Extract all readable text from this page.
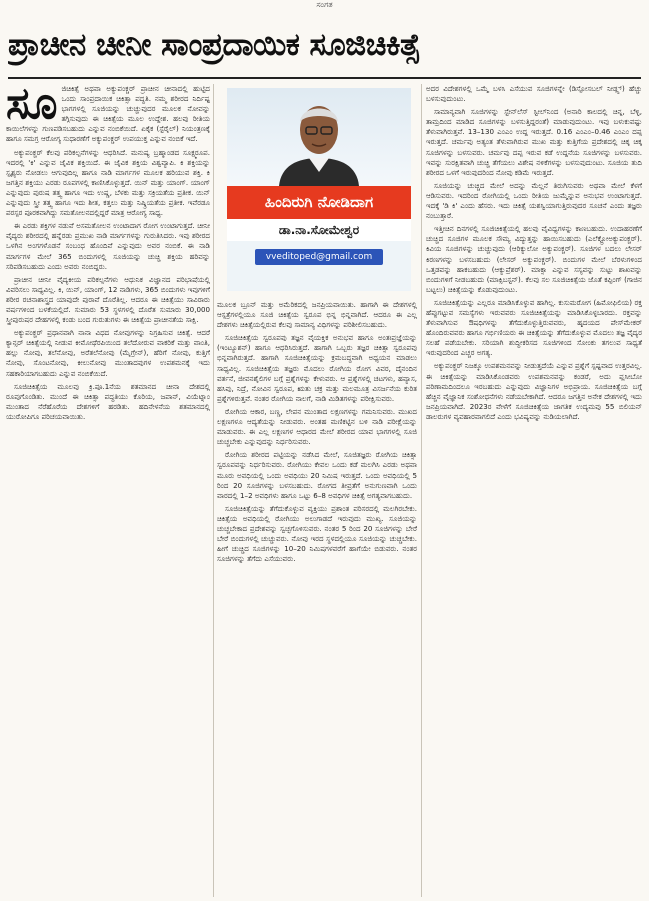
ಸಂಗತ
ಪ್ರಾಚೀನ ಚೀನೀ ಸಾಂಪ್ರದಾಯಿಕ ಸೂಜಿಚಿಕಿತ್ಸೆ

ಸೂಜಿಚಿಕಿತ್ಸೆ ಅಥವಾ ಅಕ್ಯುಪಂಕ್ಚರ್ ಪ್ರಾಚೀನ ಚೀನಾದಲ್ಲಿ ಹುಟ್ಟಿದ ಒಂದು ಸಾಂಪ್ರದಾಯಿಕ ಚಿಕಿತ್ಸಾ ಪದ್ಧತಿ. ನಮ್ಮ ಶರೀರದ ನಿರ್ದಿಷ್ಟ ಭಾಗಗಳಲ್ಲಿ ಸೂಜಿಯನ್ನು ಚುಚ್ಚುವುದರ ಮೂಲಕ ನೋವನ್ನು ತಗ್ಗಿಸುವುದು ಈ ಚಿಕಿತ್ಸೆಯ ಮೂಲ ಉದ್ದೇಶ. ಹಲವು ರೀತಿಯ ಕಾಯಿಲೆಗಳನ್ನು ಗುಣಪಡಿಸಬಹುದು ಎನ್ನುವ ನಂಬಿಕೆಯಿದೆ. ಏಕೈಕ (ಸ್ಟೆರೈಲ್) ನಿಯಂತ್ರಣಕ್ಕೆ ಹಾಗೂ ಸಮಗ್ರ ಆರೋಗ್ಯ ಸುಧಾರಣೆಗೆ ಅಕ್ಯುಪಂಕ್ಚರ್ ಉಪಯುಕ್ತ ಎನ್ನುವ ನಂಬಿಕೆ ಇದೆ.

ಅಕ್ಯುಪಂಕ್ಚರ್ ಕೆಲವು ಪರಿಕಲ್ಪನೆಗಳನ್ನು ಆಧರಿಸಿದೆ. ಮನುಷ್ಯ ಬ್ರಹ್ಮಾಂಡದ ಸೂಕ್ಷ್ಮರೂಪ. ಇದರಲ್ಲಿ 'ಕಿ' ಎನ್ನುವ ಜೈವಿಕ ಶಕ್ತಿಯಿದೆ. ಈ ಜೈವಿಕ ಶಕ್ತಿಯ ವಿಶ್ವವ್ಯಾಪಿ. ಕಿ ಶಕ್ತಿಯನ್ನು ಸ್ಪೃಶ್ಯರು ನೋಡಲು ಆಗುವುದಿಲ್ಲ ಹಾಗೂ ನಾಡಿ ಮಾರ್ಗಗಳ ಮೂಲಕ ಹರಿಯುವ ಶಕ್ತಿ. ಕಿ ಜಗತ್ತಿನ ಶಕ್ತಿಯು ಎರಡು ರೂಪಗಳಲ್ಲಿ ಕಾಣಿಸಿಕೊಳ್ಳುತ್ತದೆ. ಯಿನ್ ಮತ್ತು ಯಾಂಗ್. ಯಾಂಗ್ ಎನ್ನುವುದು ಪುರುಷ ತತ್ತ್ವ ಹಾಗೂ ಇದು ಉಷ್ಣ, ಬೆಳಕು ಮತ್ತು ಸಕ್ರಿಯತೆಯ ಪ್ರತೀಕ. ಯಿನ್ ಎನ್ನುವುದು ಸ್ತ್ರೀ ತತ್ತ್ವ ಹಾಗೂ ಇದು ಶೀತ, ಕತ್ತಲು ಮತ್ತು ನಿಷ್ಕ್ರಿಯತೆಯ ಪ್ರತೀಕ. ಇವೆರಡೂ ಪರಸ್ಪರ ಪೂರಕವಾಗಿದ್ದು ಸಮತೋಲನದಲ್ಲಿದ್ದರೆ ಮಾತ್ರ ಆರೋಗ್ಯ ಸಾಧ್ಯ.

ಈ ಎರಡು ಶಕ್ತಿಗಳ ನಡುವೆ ಅಸಮತೋಲನ ಉಂಟಾದಾಗ ರೋಗ ಉಂಟಾಗುತ್ತದೆ. ಚೀನೀ ವೈದ್ಯರು ಶರೀರದಲ್ಲಿ ಹನ್ನೆರಡು ಪ್ರಮುಖ ನಾಡಿ ಮಾರ್ಗಗಳನ್ನು ಗುರುತಿಸಿದರು. ಇವು ಶರೀರದ ಒಳಗಿನ ಅಂಗಗಳೊಡನೆ ಸಂಬಂಧ ಹೊಂದಿವೆ ಎನ್ನುವುದು ಅವರ ನಂಬಿಕೆ. ಈ ನಾಡಿ ಮಾರ್ಗಗಳ ಮೇಲೆ 365 ಬಿಂದುಗಳಲ್ಲಿ ಸೂಜಿಯನ್ನು ಚುಚ್ಚಿ ಶಕ್ತಿಯ ಹರಿವನ್ನು ಸರಿಪಡಿಸಬಹುದು ಎಂದು ಅವರು ನಂಬಿದ್ದರು.

ಪ್ರಾಚೀನ ಚೀನೀ ವೈದ್ಯಕೀಯ ಪರಿಕಲ್ಪನೆಗಳು ಆಧುನಿಕ ವಿಜ್ಞಾನದ ಪರಿಭಾಷೆಯಲ್ಲಿ ವಿವರಿಸಲು ಸಾಧ್ಯವಿಲ್ಲ. ಕಿ, ಯಿನ್, ಯಾಂಗ್, 12 ನಾಡಿಗಳು, 365 ಬಿಂದುಗಳು ಇವುಗಳಿಗೆ ಶರೀರ ರಚನಾಶಾಸ್ತ್ರದ ಯಾವುದೇ ಪುರಾವೆ ದೊರೆತಿಲ್ಲ. ಆದರೂ ಈ ಚಿಕಿತ್ಸೆಯು ಸಾವಿರಾರು ವರ್ಷಗಳಿಂದ ಬಳಕೆಯಲ್ಲಿದೆ. ಸುಮಾರು 53 ಸ್ಥಳಗಳಲ್ಲಿ ದೊರೆತ ಸುಮಾರು 30,000 ಸ್ತ್ರೀಪುರುಷರ ದೇಹಗಳಲ್ಲಿ ಕಂಡು ಬಂದ ಗುರುತುಗಳು ಈ ಚಿಕಿತ್ಸೆಯ ಪ್ರಾಚೀನತೆಯ ಸಾಕ್ಷಿ.

ಅಕ್ಯುಪಂಕ್ಚರ್ ಪ್ರಧಾನವಾಗಿ ನಾನಾ ವಿಧದ ನೋವುಗಳನ್ನು ನಿಗ್ರಹಿಸುವ ಚಿಕಿತ್ಸೆ. ಆದರೆ ಕ್ಯಾನ್ಸರ್ ಚಿಕಿತ್ಸೆಯಲ್ಲಿ ನೀಡುವ ಕೀಮೋಥೆರಪಿಯಿಂದ ತಲೆದೋರುವ ವಾಕರಿಕೆ ಮತ್ತು ವಾಂತಿ, ಹಲ್ಲು ನೋವು, ತಲೆನೋವು, ಅರೆತಲೆನೋವು (ಮೈಗ್ರೇನ್), ಹೆರಿಗೆ ನೋವು, ಕುತ್ತಿಗೆ ನೋವು, ಸೊಂಟನೋವು, ಕೀಲುನೋವು ಮುಂತಾದವುಗಳ ಉಪಶಮನಕ್ಕೆ ಇದು ಸಹಕಾರಿಯಾಗಬಹುದು ಎನ್ನುವ ನಂಬಿಕೆಯಿದೆ.

ಸೂಜಿಚಿಕಿತ್ಸೆಯ ಮೂಲವು ಕ್ರಿ.ಪೂ.1ನೆಯ ಶತಮಾನದ ಚೀನಾ ದೇಶದಲ್ಲಿ ರೂಪುಗೊಂಡಿತು. ಮುಂದೆ ಈ ಚಿಕಿತ್ಸಾ ಪದ್ಧತಿಯು ಕೊರಿಯ, ಜಪಾನ್, ವಿಯೆಟ್ನಾಂ ಮುಂತಾದ ನೆರೆಹೊರೆಯ ದೇಶಗಳಿಗೆ ಹರಡಿತು. ಹದಿನೇಳನೆಯ ಶತಮಾನದಲ್ಲಿ ಯುರೋಪಿಗೂ ಪರಿಚಯವಾಯಿತು.

ಹಿಂದಿರುಗಿ ನೋಡಿದಾಗ
ಡಾ.ನಾ.ಸೋಮೇಶ್ವರ
vveditoped@gmail.com

ಮೂಲಕ ಬ್ರೂನ್ ಮತ್ತು ಅಮೆರಿಕದಲ್ಲಿ ಜನಪ್ರಿಯವಾಯಿತು. ಹಾಗಾಗಿ ಈ ದೇಶಗಳಲ್ಲಿ ಆಸ್ಪತ್ರೆಗಳಲ್ಲಿಯೂ ಸೂಜಿ ಚಿಕಿತ್ಸೆಯ ಸ್ವರೂಪ ಭಿನ್ನ ಭಿನ್ನವಾಗಿದೆ. ಆದರೂ ಈ ಎಲ್ಲ ದೇಶಗಳು ಚಿಕಿತ್ಸೆಯಲ್ಲಿರುವ ಕೆಲವು ಸಾಮಾನ್ಯ ವಿಧಿಗಳನ್ನು ಪರಿಶೀಲಿಸಬಹುದು.

ಸೂಜಿಚಿಕಿತ್ಸೆಯ ಸ್ವರೂಪವು ತಜ್ಞನ ವೈಯಕ್ತಿಕ ಅನುಭವ ಹಾಗೂ ಅಂತಃಪ್ರಜ್ಞೆಯನ್ನು (ಇಂಟ್ಯೂಶನ್) ಹಾಗೂ ಆಧರಿಸಿರುತ್ತದೆ. ಹಾಗಾಗಿ ಒಬ್ಬರು ತಜ್ಞರ ಚಿಕಿತ್ಸಾ ಸ್ವರೂಪವು ಭಿನ್ನವಾಗಿರುತ್ತದೆ. ಹಾಗಾಗಿ ಸೂಜಿಚಿಕಿತ್ಸೆಯನ್ನು ಕ್ರಮಬದ್ಧವಾಗಿ ಅಧ್ಯಯನ ಮಾಡಲು ಸಾಧ್ಯವಿಲ್ಲ. ಸೂಜಿಚಿಕಿತ್ಸೆಯ ತಜ್ಞರು ಮೊದಲು ರೋಗಿಯ ರೋಗ ವಿವರ, ದೈನಂದಿನ ವರ್ತನೆ, ಜೀವನಶೈಲಿಗಳ ಬಗ್ಗೆ ಪ್ರಶ್ನೆಗಳನ್ನು ಕೇಳುವರು. ಆ ಪ್ರಶ್ನೆಗಳಲ್ಲಿ ಚಟಗಳು, ಹವ್ಯಾಸ, ಹಸಿವು, ನಿದ್ರೆ, ನೋವಿನ ಸ್ವರೂಪ, ಋತು ಚಕ್ರ ಮತ್ತು ಮಲಮೂತ್ರ ವಿಸರ್ಜನೆಯ ಕುರಿತ ಪ್ರಶ್ನೆಗಳಿರುತ್ತವೆ. ನಂತರ ರೋಗಿಯ ನಾಲಗೆ, ನಾಡಿ ಮಿಡಿತಗಳನ್ನು ಪರೀಕ್ಷಿಸುವರು.

ರೋಗಿಯ ಆಕಾರ, ಬಣ್ಣ, ಲೇಪನ ಮುಂತಾದ ಲಕ್ಷಣಗಳನ್ನು ಗಮನಿಸುವರು. ಮುಖದ ಲಕ್ಷಣಗಳೂ ಆದ್ಯತೆಯನ್ನು ನೀಡುವರು. ಅಂತಹ ಮಣಿಕಟ್ಟಿನ ಬಳಿ ನಾಡಿ ಪರೀಕ್ಷೆಯನ್ನು ಮಾಡುವರು. ಈ ಎಲ್ಲ ಲಕ್ಷಣಗಳ ಆಧಾರದ ಮೇಲೆ ಶರೀರದ ಯಾವ ಭಾಗಗಳಲ್ಲಿ ಸೂಜಿ ಚುಚ್ಚಬೇಕು ಎನ್ನುವುದನ್ನು ನಿರ್ಧರಿಸುವರು.

ರೋಗಿಯ ಶರೀರದ ಪಟ್ಟಿಯನ್ನು ನಡೆಸಿದ ಮೇಲೆ, ಸೂಜಿತಜ್ಞರು ರೋಗಿಯ ಚಿಕಿತ್ಸಾ ಸ್ವರೂಪವನ್ನು ನಿರ್ಧರಿಸುವರು. ರೋಗಿಯು ಕೇವಲ ಒಂದು ಕಡೆ ಮಲಗಿಸಿ ಎರಡು ಅಥವಾ ಮೂರು ಅವಧಿಯಲ್ಲಿ ಒಂದು ಅವಧಿಯು 20 ನಿಮಿಷ ಇರುತ್ತದೆ. ಒಂದು ಅವಧಿಯಲ್ಲಿ 5 ರಿಂದ 20 ಸೂಜಿಗಳನ್ನು ಬಳಸಬಹುದು. ರೋಗದ ತೀವ್ರತೆಗೆ ಅನುಗುಣವಾಗಿ ಒಂದು ವಾರದಲ್ಲಿ 1–2 ಅವಧಿಗಳು ಹಾಗೂ ಒಟ್ಟು 6–8 ಅವಧಿಗಳ ಚಿಕಿತ್ಸೆ ಅಗತ್ಯವಾಗಬಹುದು.

ಸೂಜಿಚಿಕಿತ್ಸೆಯನ್ನು ತೆಗೆದುಕೊಳ್ಳುವ ವ್ಯಕ್ತಿಯು ಪ್ರಶಾಂತ ಪರಿಸರದಲ್ಲಿ ಮಲಗಿರಬೇಕು. ಚಿಕಿತ್ಸೆಯ ಅವಧಿಯಲ್ಲಿ ರೋಗಿಯು ಅಲುಗಾಡದೆ ಇರುವುದು ಮುಖ್ಯ. ಸೂಜಿಯನ್ನು ಚುಚ್ಚಬೇಕಾದ ಪ್ರದೇಶವನ್ನು ಸ್ವಚ್ಛಗೊಳಿಸುವರು. ನಂತರ 5 ರಿಂದ 20 ಸೂಜಿಗಳನ್ನು ಬೇರೆ ಬೇರೆ ಬಿಂದುಗಳಲ್ಲಿ ಚುಚ್ಚುವರು. ನೋವು ಇರದ ಸ್ಥಳದಲ್ಲಿಯೂ ಸೂಜಿಯನ್ನು ಚುಚ್ಚಬೇಕು. ಹೀಗೆ ಚುಚ್ಚಿದ ಸೂಜಿಗಳನ್ನು 10–20 ನಿಮಿಷಗಳವರೆಗೆ ಹಾಗೆಯೇ ಬಿಡುವರು. ನಂತರ ಸೂಜಿಗಳನ್ನು ತೆಗೆದು ಎಸೆಯುವರು.

ಅದರ ವಿದೇಶಗಳಲ್ಲಿ ಒಮ್ಮೆ ಬಳಸಿ ಎಸೆಯುವ ಸೂಜಿಗಳನ್ನೇ (ಡಿಸ್ಪೋಸಬಲ್ ನೀಡ್ಲ್ಸ್) ಹೆಚ್ಚು ಬಳಸುವುದುಂಟು.

ಸಾಮಾನ್ಯವಾಗಿ ಸೂಜಿಗಳನ್ನು ಸ್ಟೇನ್‌ಲೆಸ್ ಸ್ಟೀಲ್‌ನಿಂದ (ಅನಾರಿ ಕಾಲದಲ್ಲಿ ಚಿನ್ನ, ಬೆಳ್ಳಿ, ತಾಮ್ರದಿಂದ ಮಾಡಿದ ಸೂಜಿಗಳನ್ನು ಬಳಸುತ್ತಿದ್ದರಂತೆ) ಮಾಡುವುದುಂಟು. ಇವು ಬಳುಕುವಷ್ಟು ತೆಳುವಾಗಿರುತ್ತವೆ. 13–130 ಎಂಎಂ ಉದ್ದ ಇರುತ್ತದೆ. 0.16 ಎಂಎಂ–0.46 ಎಂಎಂ ದಪ್ಪ ಇರುತ್ತದೆ. ಚರ್ಮವು ಅತ್ಯಂತ ತೆಳುವಾಗಿರುವ ಮುಖ ಮತ್ತು ಕುತ್ತಿಗೆಯ ಪ್ರದೇಶದಲ್ಲಿ ಚಿಕ್ಕ ಚಿಕ್ಕ ಸೂಜಿಗಳನ್ನು ಬಳಸುವರು. ಚರ್ಮವು ದಪ್ಪ ಇರುವ ಕಡೆ ಉದ್ದನೆಯ ಸೂಜಿಗಳನ್ನು ಬಳಸುವರು. ಇವನ್ನು ಸುರಕ್ಷಿತವಾಗಿ ಚುಚ್ಚಿ ತೆಗೆಯಲು ವಿಶೇಷ ನಳಿಕೆಗಳನ್ನು ಬಳಸುವುದುಂಟು. ಸೂಜಿಯ ತುದಿ ಶರೀರದ ಒಳಗೆ ಇರುವುದರಿಂದ ನೋವು ಕಡಿಮೆ ಇರುತ್ತದೆ.

ಸೂಜಿಯನ್ನು ಚುಚ್ಚಿದ ಮೇಲೆ ಅದನ್ನು ಮೆಲ್ಲನೆ ತಿರುಗಿಸುವರು ಅಥವಾ ಮೇಲೆ ಕೆಳಗೆ ಆಡಿಸುವರು. ಇದರಿಂದ ರೋಗಿಯಲ್ಲಿ ಒಂದು ರೀತಿಯ ಜುಮ್ಮೆನ್ನುವ ಅನುಭವ ಉಂಟಾಗುತ್ತದೆ. ಇದಕ್ಕೆ 'ಡಿ ಕಿ' ಎಂದು ಹೆಸರು. ಇದು ಚಿಕಿತ್ಸೆ ಯಶಸ್ವಿಯಾಗುತ್ತಿರುವುದರ ಸೂಚನೆ ಎಂದು ತಜ್ಞರು ನಂಬುತ್ತಾರೆ.

ಇತ್ತೀಚಿನ ದಿನಗಳಲ್ಲಿ ಸೂಜಿಚಿಕಿತ್ಸೆಯಲ್ಲಿ ಹಲವು ವೈವಿಧ್ಯಗಳನ್ನು ಕಾಣಬಹುದು. ಉದಾಹರಣೆಗೆ ಚುಚ್ಚಿದ ಸೂಜಿಗಳ ಮೂಲಕ ಸೌಮ್ಯ ವಿದ್ಯುತ್ತನ್ನು ಹಾಯಿಸಬಹುದು (ಎಲೆಕ್ಟ್ರೋಅಕ್ಯುಪಂಕ್ಚರ್). ಕಿವಿಯ ಸೂಜಿಗಳನ್ನು ಚುಚ್ಚುವುದು (ಆರಿಕ್ಯುಲೋ ಅಕ್ಯುಪಂಕ್ಚರ್). ಸೂಜಿಗಳ ಬದಲು ಲೇಸರ್ ಕಿರಣಗಳನ್ನು ಬಳಸಬಹುದು (ಲೇಸರ್ ಅಕ್ಯುಪಂಕ್ಚರ್). ಬಿಂದುಗಳ ಮೇಲೆ ಬೆರಳುಗಳಿಂದ ಒತ್ತಡವನ್ನು ಹಾಕಬಹುದು (ಆಕ್ಯುಪ್ರೆಶರ್). ಮಾಕ್ಸಾ ಎನ್ನುವ ಸಸ್ಯವನ್ನು ಸುಟ್ಟು ಶಾಖವನ್ನು ಬಿಂದುಗಳಿಗೆ ನೀಡಬಹುದು (ಮಾಕ್ಸಿಬಸ್ಟನ್). ಕೆಲವು ಸಲ ಸೂಜಿಚಿಕಿತ್ಸೆಯ ಜೊತೆ ಕಪ್ಪಿಂಗ್ (ಗಾಜಿನ ಬಟ್ಟಲು) ಚಿಕಿತ್ಸೆಯನ್ನು ಕೊಡುವುದುಂಟು.

ಸೂಜಿಚಿಕಿತ್ಸೆಯನ್ನು ಎಲ್ಲರೂ ಮಾಡಿಸಿಕೊಳ್ಳುವ ಹಾಗಿಲ್ಲ. ಕುಸುಮರೋಗ (ಹಿಮೋಫಿಲಿಯ) ರಕ್ತ ಹೆಪ್ಪುಗಟ್ಟುವ ಸಮಸ್ಯೆಗಳು ಇರುವವರು ಸೂಜಿಚಿಕಿತ್ಸೆಯನ್ನು ಮಾಡಿಸಿಕೊಳ್ಳಬಾರದು. ರಕ್ತವನ್ನು ತೆಳುವಾಗಿಸುವ ಔಷಧಿಗಳನ್ನು ತೆಗೆದುಕೊಳ್ಳುತ್ತಿರುವವರು, ಹೃದಯದ ಪೇಸ್‌ಮೇಕರ್ ಹೊಂದಿರುವವರು ಹಾಗೂ ಗರ್ಭಿಣಿಯರು ಈ ಚಿಕಿತ್ಸೆಯನ್ನು ತೆಗೆದುಕೊಳ್ಳುವ ಮೊದಲು ತಜ್ಞ ವೈದ್ಯರ ಸಲಹೆ ಪಡೆಯಬೇಕು. ಸರಿಯಾಗಿ ಶುದ್ಧೀಕರಿಸದ ಸೂಜಿಗಳಿಂದ ಸೋಂಕು ತಗಲುವ ಸಾಧ್ಯತೆ ಇರುವುದರಿಂದ ಎಚ್ಚರ ಅಗತ್ಯ.

ಅಕ್ಯುಪಂಕ್ಚರ್ ನಿಜಕ್ಕೂ ಉಪಶಮನವನ್ನು ನೀಡುತ್ತದೆಯೆ ಎನ್ನುವ ಪ್ರಶ್ನೆಗೆ ಸ್ಪಷ್ಟವಾದ ಉತ್ತರವಿಲ್ಲ. ಈ ಚಿಕಿತ್ಸೆಯನ್ನು ಮಾಡಿಸಿಕೊಂಡವರು ಉಪಶಮನವನ್ನು ಕಂಡರೆ, ಅದು ಪ್ಲಸೀಬೋ ಪರಿಣಾಮದಿಂದಲೂ ಇರಬಹುದು ಎನ್ನುವುದು ವಿಜ್ಞಾನಿಗಳ ಅಭಿಪ್ರಾಯ. ಸೂಜಿಚಿಕಿತ್ಸೆಯ ಬಗ್ಗೆ ಹೆಚ್ಚಿನ ವೈಜ್ಞಾನಿಕ ಸಂಶೋಧನೆಗಳು ನಡೆಯಬೇಕಾಗಿದೆ. ಆದರೂ ಜಗತ್ತಿನ ಅನೇಕ ದೇಶಗಳಲ್ಲಿ ಇದು ಜನಪ್ರಿಯವಾಗಿದೆ. 2023ರ ವೇಳೆಗೆ ಸೂಜಿಚಿಕಿತ್ಸೆಯ ಜಾಗತಿಕ ಉದ್ಯಮವು 55 ಬಿಲಿಯನ್ ಡಾಲರುಗಳ ವ್ಯವಹಾರವಾಗಲಿದೆ ಎಂದು ಭವಿಷ್ಯವನ್ನು ನುಡಿಯಲಾಗಿದೆ.
